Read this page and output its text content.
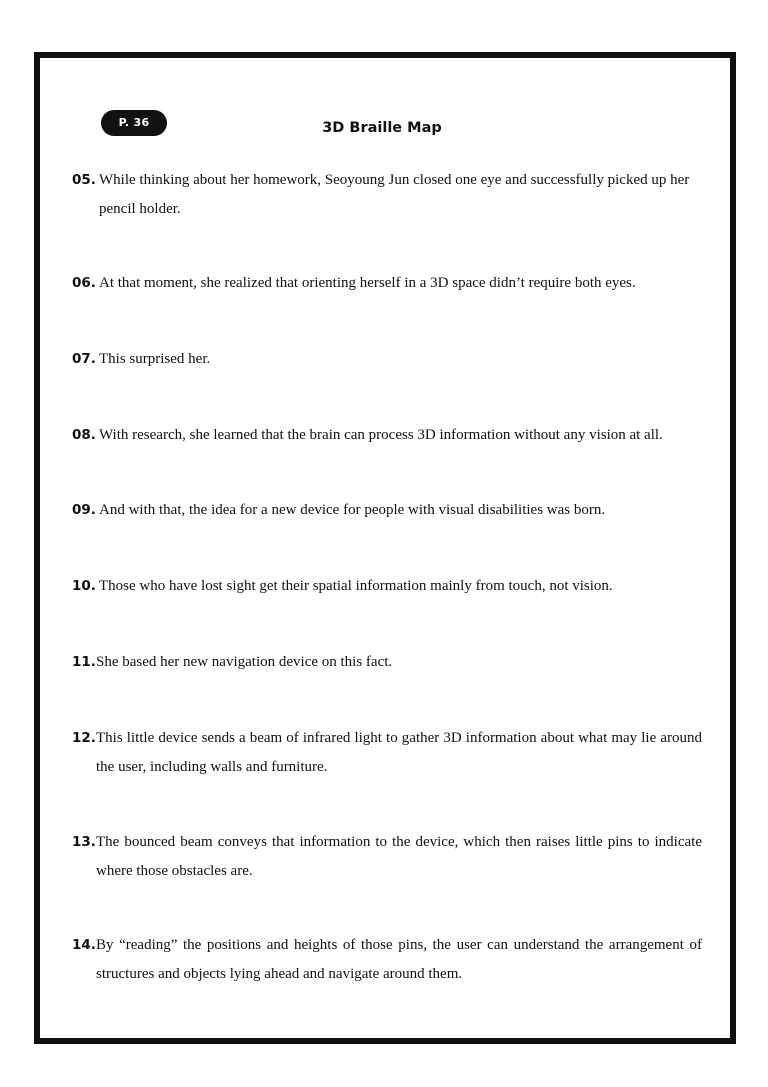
P. 36	3D Braille Map
05. While thinking about her homework, Seoyoung Jun closed one eye and successfully picked up her pencil holder.
06. At that moment, she realized that orienting herself in a 3D space didn’t require both eyes.
07. This surprised her.
08. With research, she learned that the brain can process 3D information without any vision at all.
09. And with that, the idea for a new device for people with visual disabilities was born.
10. Those who have lost sight get their spatial information mainly from touch, not vision.
11. She based her new navigation device on this fact.
12. This little device sends a beam of infrared light to gather 3D information about what may lie around the user, including walls and furniture.
13. The bounced beam conveys that information to the device, which then raises little pins to indicate where those obstacles are.
14. By “reading” the positions and heights of those pins, the user can understand the arrangement of structures and objects lying ahead and navigate around them.
